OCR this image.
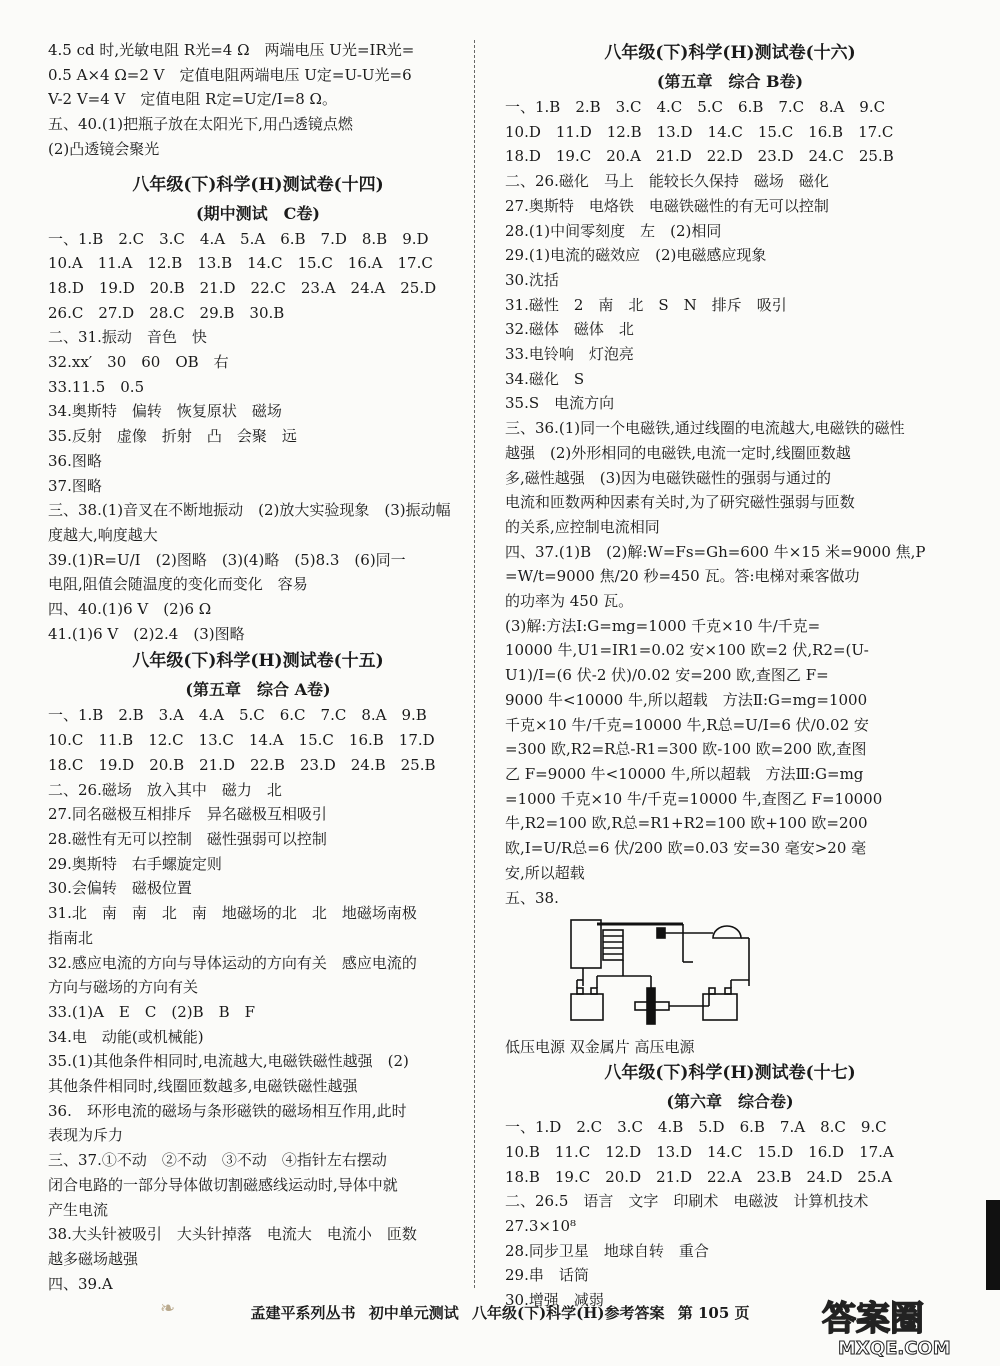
4.5 cd 时,光敏电阻 R光=4 Ω　两端电压 U光=IR光=
0.5 A×4 Ω=2 V　定值电阻两端电压 U定=U-U光=6
V-2 V=4 V　定值电阻 R定=U定/I=8 Ω。
五、40.(1)把瓶子放在太阳光下,用凸透镜点燃
(2)凸透镜会聚光
八年级(下)科学(H)测试卷(十四)
(期中测试　C卷)
一、1.B　2.C　3.C　4.A　5.A　6.B　7.D　8.B　9.D
10.A　11.A　12.B　13.B　14.C　15.C　16.A　17.C
18.D　19.D　20.B　21.D　22.C　23.A　24.A　25.D
26.C　27.D　28.C　29.B　30.B
二、31.振动　音色　快
32.xx′　30　60　OB　右
33.11.5　0.5
34.奥斯特　偏转　恢复原状　磁场
35.反射　虚像　折射　凸　会聚　远
36.图略
37.图略
三、38.(1)音叉在不断地振动　(2)放大实验现象　(3)振动幅
度越大,响度越大
39.(1)R=U/I　(2)图略　(3)(4)略　(5)8.3　(6)同一
电阻,阻值会随温度的变化而变化　容易
四、40.(1)6 V　(2)6 Ω
41.(1)6 V　(2)2.4　(3)图略
八年级(下)科学(H)测试卷(十五)
(第五章　综合 A卷)
一、1.B　2.B　3.A　4.A　5.C　6.C　7.C　8.A　9.B
10.C　11.B　12.C　13.C　14.A　15.C　16.B　17.D
18.C　19.D　20.B　21.D　22.B　23.D　24.B　25.B
二、26.磁场　放入其中　磁力　北
27.同名磁极互相排斥　异名磁极互相吸引
28.磁性有无可以控制　磁性强弱可以控制
29.奥斯特　右手螺旋定则
30.会偏转　磁极位置
31.北　南　南　北　南　地磁场的北　北　地磁场南极
指南北
32.感应电流的方向与导体运动的方向有关　感应电流的
方向与磁场的方向有关
33.(1)A　E　C　(2)B　B　F
34.电　动能(或机械能)
35.(1)其他条件相同时,电流越大,电磁铁磁性越强　(2)
其他条件相同时,线圈匝数越多,电磁铁磁性越强
36.　环形电流的磁场与条形磁铁的磁场相互作用,此时
表现为斥力
三、37.①不动　②不动　③不动　④指针左右摆动
闭合电路的一部分导体做切割磁感线运动时,导体中就
产生电流
38.大头针被吸引　大头针掉落　电流大　电流小　匝数
越多磁场越强
四、39.A
八年级(下)科学(H)测试卷(十六)
(第五章　综合 B卷)
一、1.B　2.B　3.C　4.C　5.C　6.B　7.C　8.A　9.C
10.D　11.D　12.B　13.D　14.C　15.C　16.B　17.C
18.D　19.C　20.A　21.D　22.D　23.D　24.C　25.B
二、26.磁化　马上　能较长久保持　磁场　磁化
27.奥斯特　电烙铁　电磁铁磁性的有无可以控制
28.(1)中间零刻度　左　(2)相同
29.(1)电流的磁效应　(2)电磁感应现象
30.沈括
31.磁性　2　南　北　S　N　排斥　吸引
32.磁体　磁体　北
33.电铃响　灯泡亮
34.磁化　S
35.S　电流方向
三、36.(1)同一个电磁铁,通过线圈的电流越大,电磁铁的磁性
越强　(2)外形相同的电磁铁,电流一定时,线圈匝数越
多,磁性越强　(3)因为电磁铁磁性的强弱与通过的
电流和匝数两种因素有关时,为了研究磁性强弱与匝数
的关系,应控制电流相同
四、37.(1)B　(2)解:W=Fs=Gh=600 牛×15 米=9000 焦,P
=W/t=9000 焦/20 秒=450 瓦。答:电梯对乘客做功
的功率为 450 瓦。
(3)解:方法Ⅰ:G=mg=1000 千克×10 牛/千克=
10000 牛,U1=IR1=0.02 安×100 欧=2 伏,R2=(U-
U1)/I=(6 伏-2 伏)/0.02 安=200 欧,查图乙 F=
9000 牛<10000 牛,所以超载　方法Ⅱ:G=mg=1000
千克×10 牛/千克=10000 牛,R总=U/I=6 伏/0.02 安
=300 欧,R2=R总-R1=300 欧-100 欧=200 欧,查图
乙 F=9000 牛<10000 牛,所以超载　方法Ⅲ:G=mg
=1000 千克×10 牛/千克=10000 牛,查图乙 F=10000
牛,R2=100 欧,R总=R1+R2=100 欧+100 欧=200
欧,I=U/R总=6 伏/200 欧=0.03 安=30 毫安>20 毫
安,所以超载
五、38.
低压电源 双金属片 高压电源
八年级(下)科学(H)测试卷(十七)
(第六章　综合卷)
一、1.D　2.C　3.C　4.B　5.D　6.B　7.A　8.C　9.C
10.B　11.C　12.D　13.D　14.C　15.D　16.D　17.A
18.B　19.C　20.D　21.D　22.A　23.B　24.D　25.A
二、26.5　语言　文字　印刷术　电磁波　计算机技术
27.3×10⁸
28.同步卫星　地球自转　重合
29.串　话筒
30.增强　减弱
❧	孟建平系列丛书 初中单元测试 八年级(下)科学(H)参考答案 第 105 页	答案圈
MXQE.COM
